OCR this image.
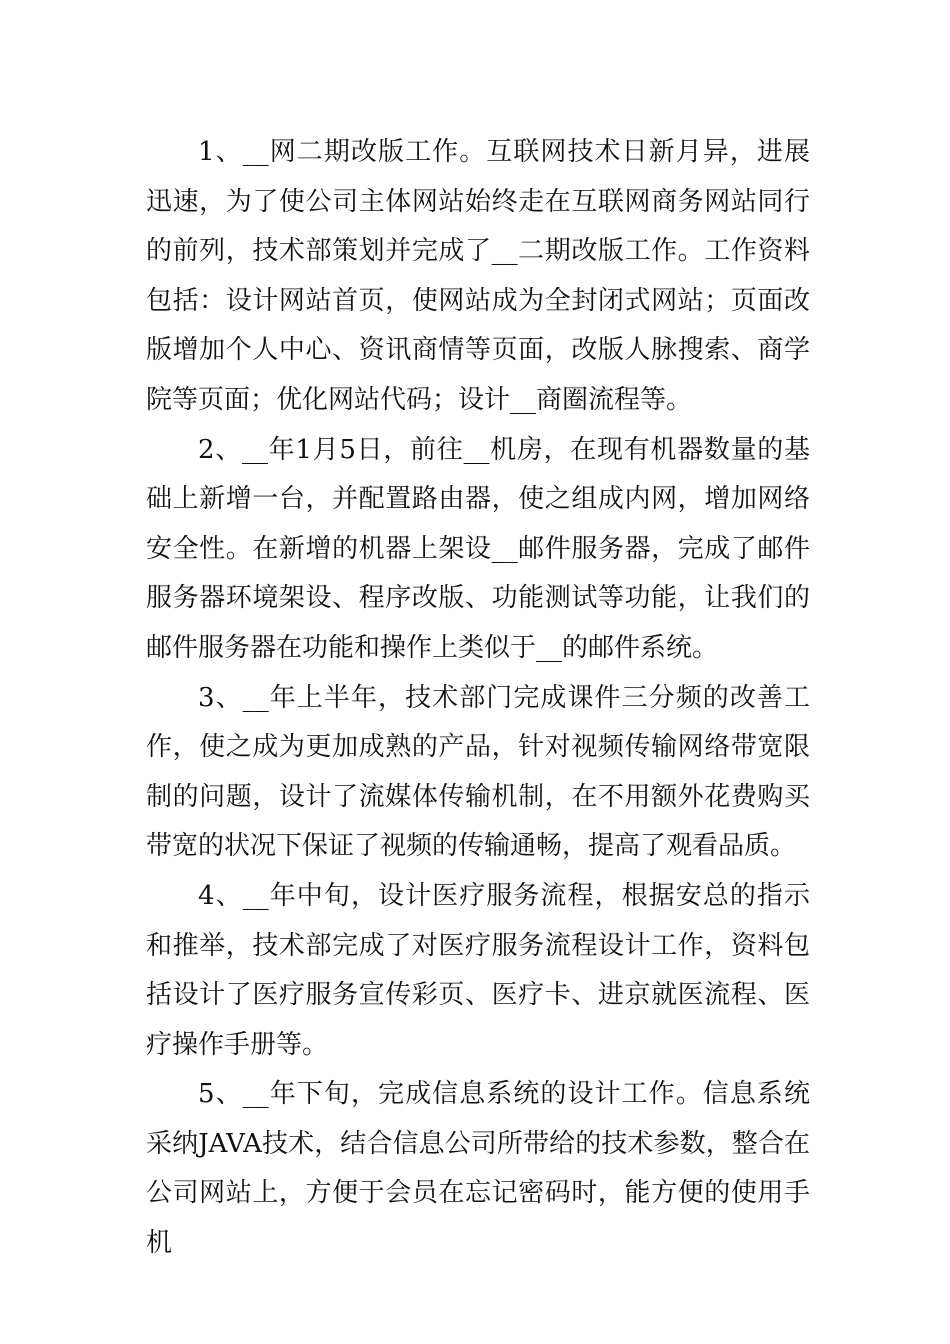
1、__网二期改版工作。互联网技术日新月异，进展迅速，为了使公司主体网站始终走在互联网商务网站同行的前列，技术部策划并完成了__二期改版工作。工作资料包括：设计网站首页，使网站成为全封闭式网站；页面改版增加个人中心、资讯商情等页面，改版人脉搜索、商学院等页面；优化网站代码；设计__商圈流程等。

2、__年1月5日，前往__机房，在现有机器数量的基础上新增一台，并配置路由器，使之组成内网，增加网络安全性。在新增的机器上架设__邮件服务器，完成了邮件服务器环境架设、程序改版、功能测试等功能，让我们的邮件服务器在功能和操作上类似于__的邮件系统。

3、__年上半年，技术部门完成课件三分频的改善工作，使之成为更加成熟的产品，针对视频传输网络带宽限制的问题，设计了流媒体传输机制，在不用额外花费购买带宽的状况下保证了视频的传输通畅，提高了观看品质。

4、__年中旬，设计医疗服务流程，根据安总的指示和推举，技术部完成了对医疗服务流程设计工作，资料包括设计了医疗服务宣传彩页、医疗卡、进京就医流程、医疗操作手册等。

5、__年下旬，完成信息系统的设计工作。信息系统采纳JAVA技术，结合信息公司所带给的技术参数，整合在公司网站上，方便于会员在忘记密码时，能方便的使用手机
